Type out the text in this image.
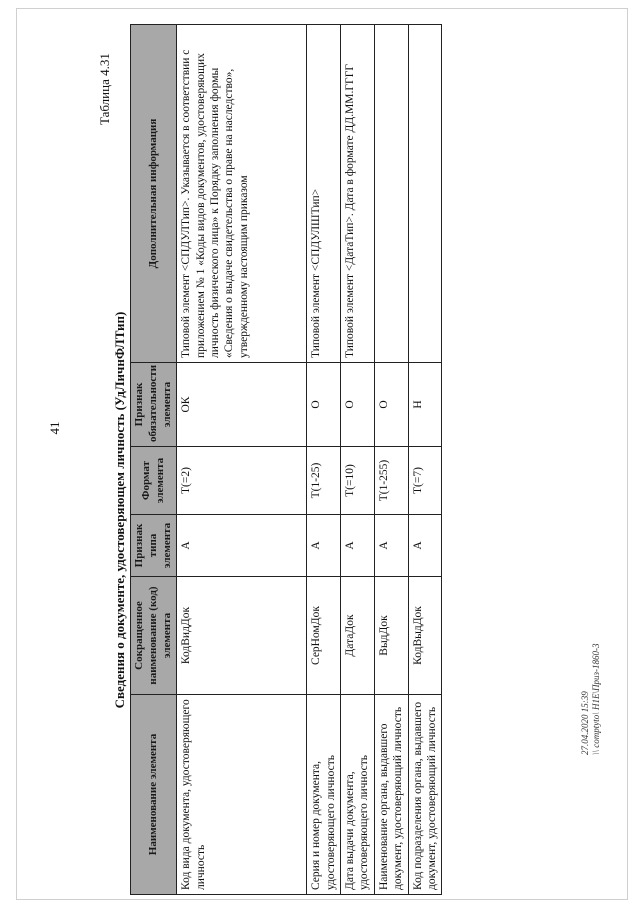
41
Таблица 4.31
Сведения о документе, удостоверяющем личность (УдЛичнФЛТип)
Наименование элемента	Сокращенное наименование (код) элемента	Признак типа элемента	Формат элемента	Признак обязательности элемента	Дополнительная информация
Код вида документа, удостоверяющего личность	КодВидДок	А	Т(=2)	ОК	Типовой элемент <СПДУЛТип>. Указывается в соответствии с приложением № 1 «Коды видов документов, удостоверяющих личность физического лица» к Порядку заполнения формы «Сведения о выдаче свидетельства о праве на наследство», утвержденному настоящим приказом
Серия и номер документа, удостоверяющего личность	СерНомДок	А	Т(1-25)	О	Типовой элемент <СПДУЛШТип>
Дата выдачи документа, удостоверяющего личность	ДатаДок	А	Т(=10)	О	Типовой элемент <ДатаТип>. Дата в формате ДД.ММ.ГГГГ
Наименование органа, выдавшего документ, удостоверяющий личность	ВыдДок	А	Т(1-255)	О	
Код подразделения органа, выдавшего документ, удостоверяющий личность	КодВыдДок	А	Т(=7)	Н	
27.04.2020 15:39 \\ comptyto\ Н1Е\Приз-1860-3
